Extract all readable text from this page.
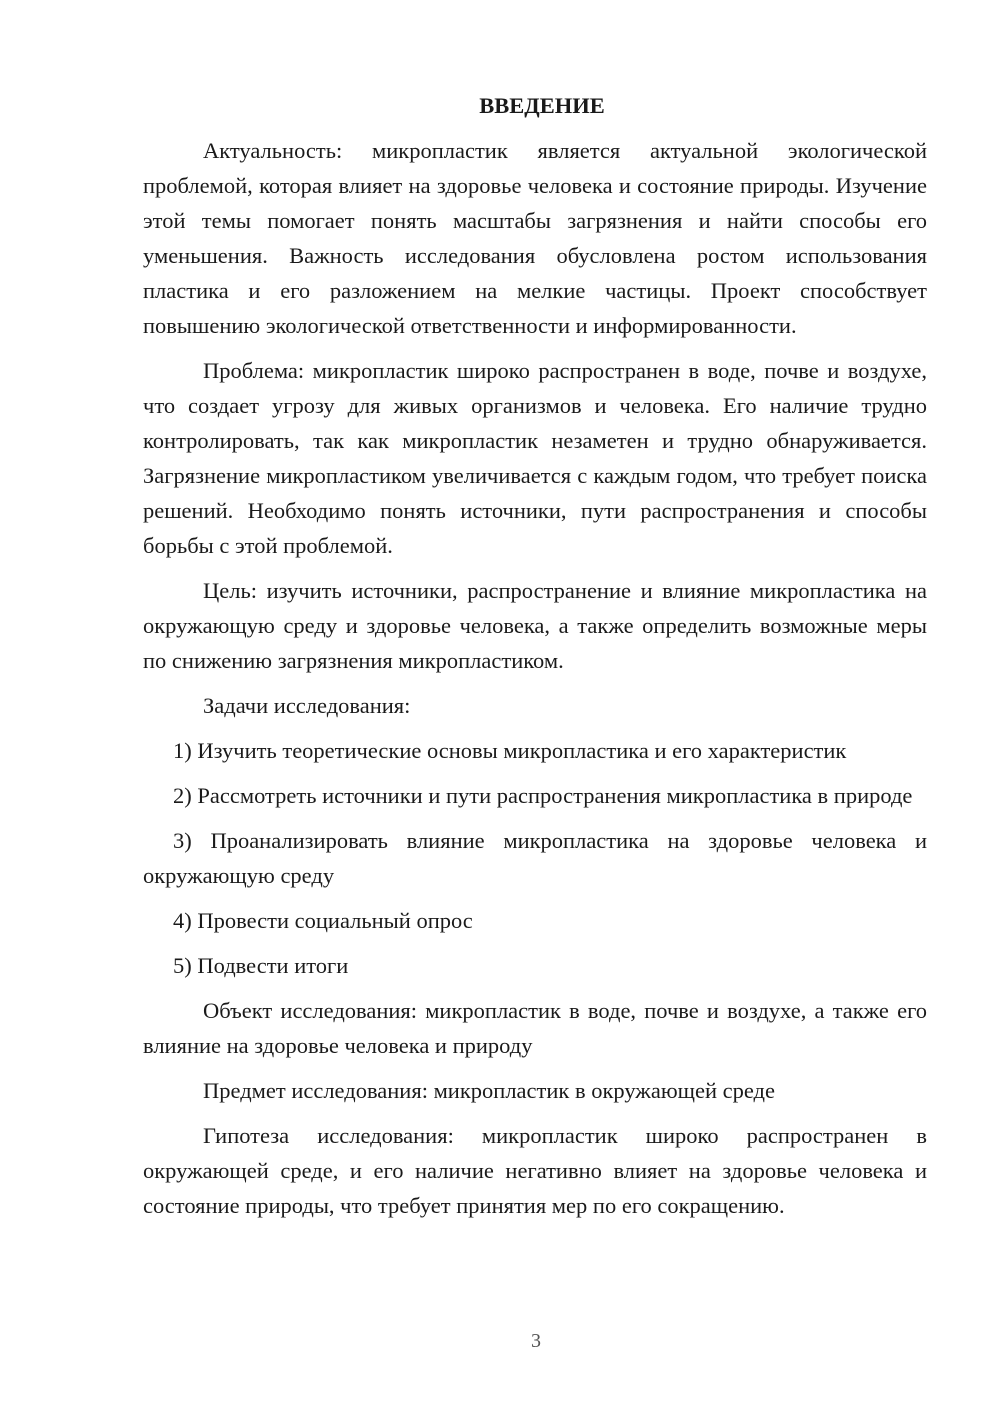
ВВЕДЕНИЕ

Актуальность: микропластик является актуальной экологической проблемой, которая влияет на здоровье человека и состояние природы. Изучение этой темы помогает понять масштабы загрязнения и найти способы его уменьшения. Важность исследования обусловлена ростом использования пластика и его разложением на мелкие частицы. Проект способствует повышению экологической ответственности и информированности.

Проблема: микропластик широко распространен в воде, почве и воздухе, что создает угрозу для живых организмов и человека. Его наличие трудно контролировать, так как микропластик незаметен и трудно обнаруживается. Загрязнение микропластиком увеличивается с каждым годом, что требует поиска решений. Необходимо понять источники, пути распространения и способы борьбы с этой проблемой.

Цель: изучить источники, распространение и влияние микропластика на окружающую среду и здоровье человека, а также определить возможные меры по снижению загрязнения микропластиком.

Задачи исследования:

1) Изучить теоретические основы микропластика и его характеристик

2) Рассмотреть источники и пути распространения микропластика в природе

3) Проанализировать влияние микропластика на здоровье человека и окружающую среду

4) Провести социальный опрос

5) Подвести итоги

Объект исследования: микропластик в воде, почве и воздухе, а также его влияние на здоровье человека и природу

Предмет исследования: микропластик в окружающей среде

Гипотеза исследования: микропластик широко распространен в окружающей среде, и его наличие негативно влияет на здоровье человека и состояние природы, что требует принятия мер по его сокращению.

3
